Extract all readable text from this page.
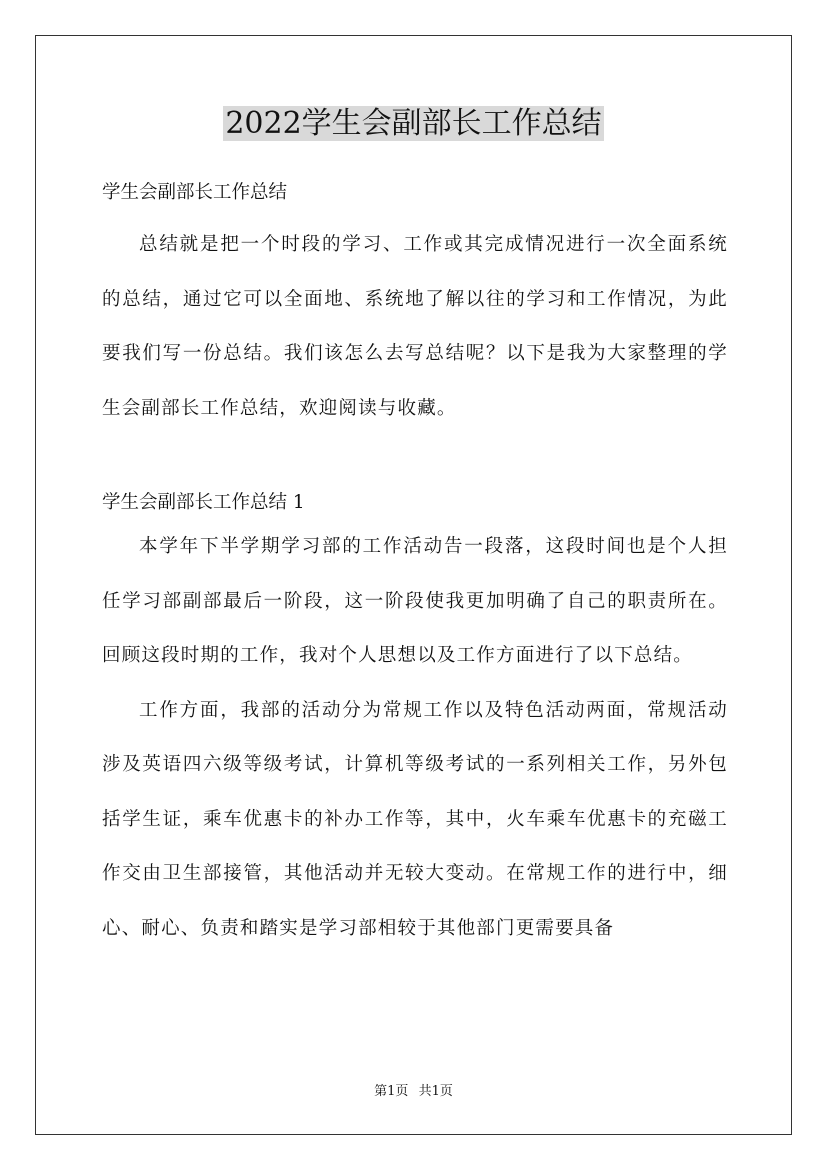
2022学生会副部长工作总结

学生会副部长工作总结

总结就是把一个时段的学习、工作或其完成情况进行一次全面系统的总结，通过它可以全面地、系统地了解以往的学习和工作情况，为此要我们写一份总结。我们该怎么去写总结呢？以下是我为大家整理的学生会副部长工作总结，欢迎阅读与收藏。

学生会副部长工作总结 1

本学年下半学期学习部的工作活动告一段落，这段时间也是个人担任学习部副部最后一阶段，这一阶段使我更加明确了自己的职责所在。回顾这段时期的工作，我对个人思想以及工作方面进行了以下总结。

工作方面，我部的活动分为常规工作以及特色活动两面，常规活动涉及英语四六级等级考试，计算机等级考试的一系列相关工作，另外包括学生证，乘车优惠卡的补办工作等，其中，火车乘车优惠卡的充磁工作交由卫生部接管，其他活动并无较大变动。在常规工作的进行中，细心、耐心、负责和踏实是学习部相较于其他部门更需要具备

第1页 共1页
